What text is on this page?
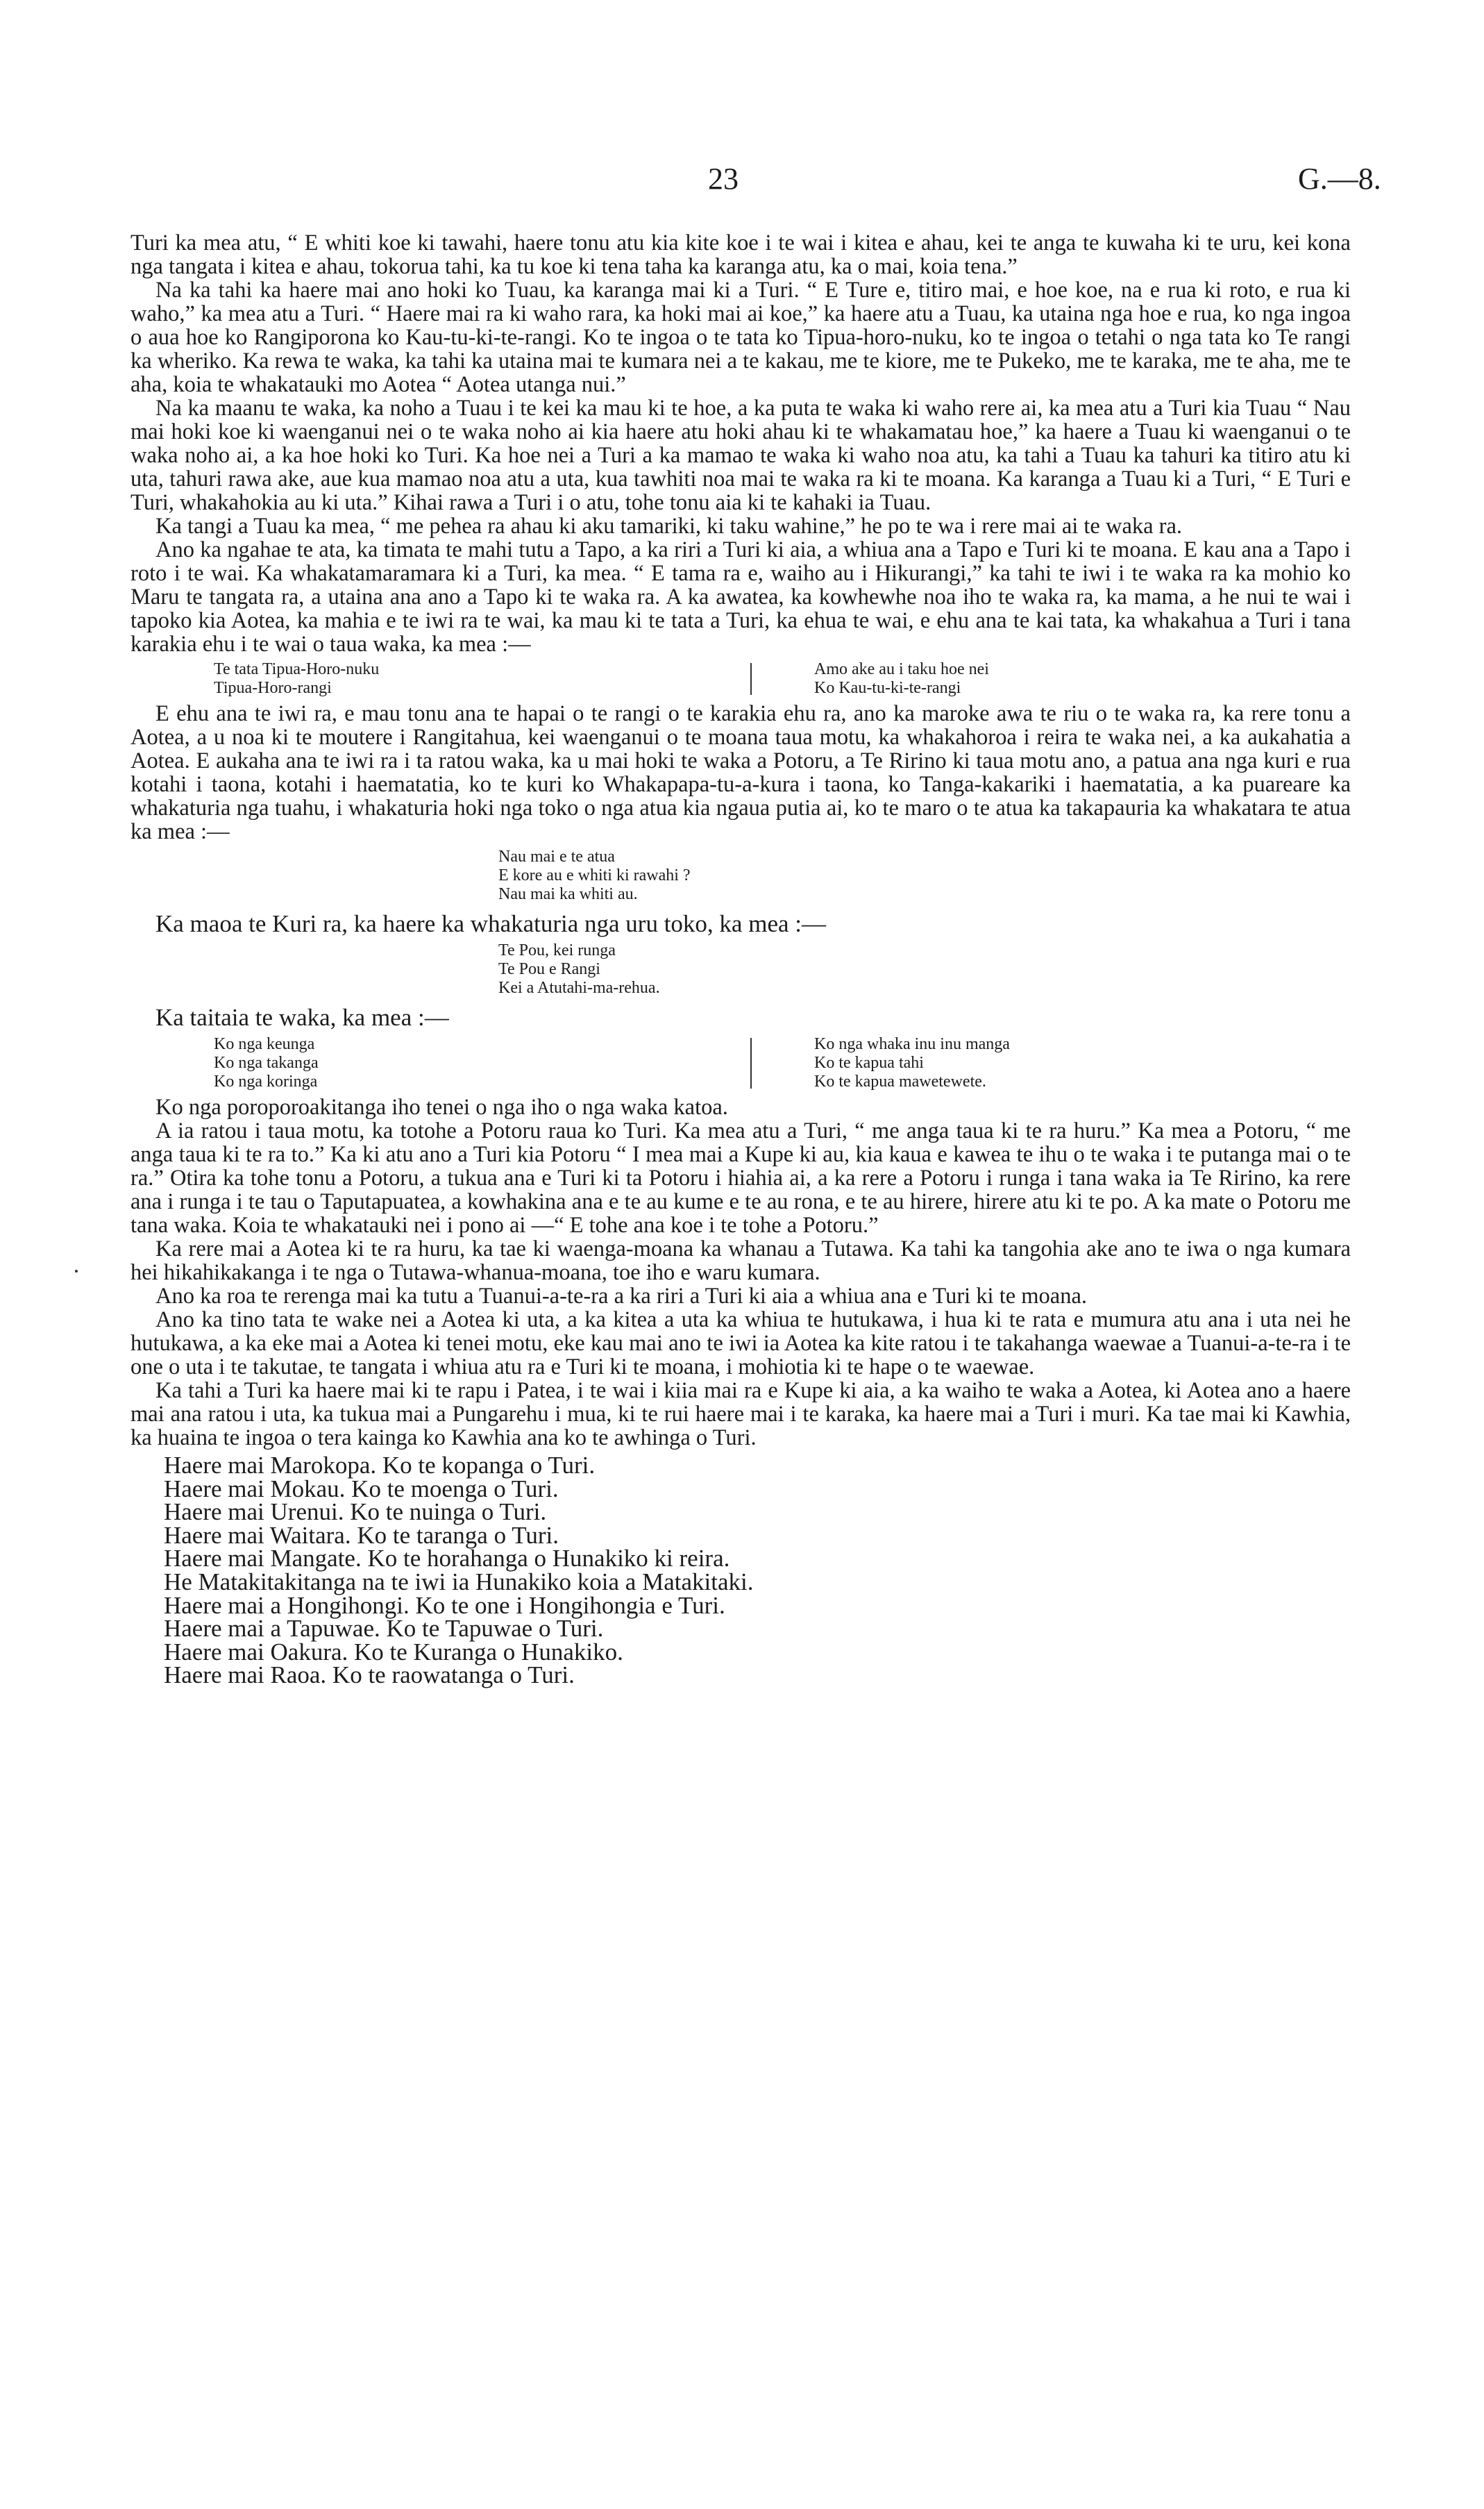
23	G.—8.

Turi ka mea atu, “ E whiti koe ki tawahi, haere tonu atu kia kite koe i te wai i kitea e ahau, kei te anga te kuwaha ki te uru, kei kona nga tangata i kitea e ahau, tokorua tahi, ka tu koe ki tena taha ka karanga atu, ka o mai, koia tena.”

Na ka tahi ka haere mai ano hoki ko Tuau, ka karanga mai ki a Turi. “ E Ture e, titiro mai, e hoe koe, na e rua ki roto, e rua ki waho,” ka mea atu a Turi. “ Haere mai ra ki waho rara, ka hoki mai ai koe,” ka haere atu a Tuau, ka utaina nga hoe e rua, ko nga ingoa o aua hoe ko Rangiporona ko Kau-tu-ki-te-rangi. Ko te ingoa o te tata ko Tipua-horo-nuku, ko te ingoa o tetahi o nga tata ko Te rangi ka wheriko. Ka rewa te waka, ka tahi ka utaina mai te kumara nei a te kakau, me te kiore, me te Pukeko, me te karaka, me te aha, me te aha, koia te whakatauki mo Aotea “ Aotea utanga nui.”

Na ka maanu te waka, ka noho a Tuau i te kei ka mau ki te hoe, a ka puta te waka ki waho rere ai, ka mea atu a Turi kia Tuau “ Nau mai hoki koe ki waenganui nei o te waka noho ai kia haere atu hoki ahau ki te whakamatau hoe,” ka haere a Tuau ki waenganui o te waka noho ai, a ka hoe hoki ko Turi. Ka hoe nei a Turi a ka mamao te waka ki waho noa atu, ka tahi a Tuau ka tahuri ka titiro atu ki uta, tahuri rawa ake, aue kua mamao noa atu a uta, kua tawhiti noa mai te waka ra ki te moana. Ka karanga a Tuau ki a Turi, “ E Turi e Turi, whakahokia au ki uta.” Kihai rawa a Turi i o atu, tohe tonu aia ki te kahaki ia Tuau.

Ka tangi a Tuau ka mea, “ me pehea ra ahau ki aku tamariki, ki taku wahine,” he po te wa i rere mai ai te waka ra.

Ano ka ngahae te ata, ka timata te mahi tutu a Tapo, a ka riri a Turi ki aia, a whiua ana a Tapo e Turi ki te moana. E kau ana a Tapo i roto i te wai. Ka whakatamaramara ki a Turi, ka mea. “ E tama ra e, waiho au i Hikurangi,” ka tahi te iwi i te waka ra ka mohio ko Maru te tangata ra, a utaina ana ano a Tapo ki te waka ra. A ka awatea, ka kowhewhe noa iho te waka ra, ka mama, a he nui te wai i tapoko kia Aotea, ka mahia e te iwi ra te wai, ka mau ki te tata a Turi, ka ehua te wai, e ehu ana te kai tata, ka whakahua a Turi i tana karakia ehu i te wai o taua waka, ka mea :—

Te tata Tipua-Horo-nuku
Tipua-Horo-rangi
Amo ake au i taku hoe nei
Ko Kau-tu-ki-te-rangi

E ehu ana te iwi ra, e mau tonu ana te hapai o te rangi o te karakia ehu ra, ano ka maroke awa te riu o te waka ra, ka rere tonu a Aotea, a u noa ki te moutere i Rangitahua, kei waenganui o te moana taua motu, ka whakahoroa i reira te waka nei, a ka aukahatia a Aotea. E aukaha ana te iwi ra i ta ratou waka, ka u mai hoki te waka a Potoru, a Te Ririno ki taua motu ano, a patua ana nga kuri e rua kotahi i taona, kotahi i haematatia, ko te kuri ko Whakapapa-tu-a-kura i taona, ko Tanga-kakariki i haematatia, a ka puareare ka whakaturia nga tuahu, i whakaturia hoki nga toko o nga atua kia ngaua putia ai, ko te maro o te atua ka takapauria ka whakatara te atua ka mea :—

Nau mai e te atua
E kore au e whiti ki rawahi ?
Nau mai ka whiti au.

Ka maoa te Kuri ra, ka haere ka whakaturia nga uru toko, ka mea :—

Te Pou, kei runga
Te Pou e Rangi
Kei a Atutahi-ma-rehua.

Ka taitaia te waka, ka mea :—

Ko nga keunga
Ko nga takanga
Ko nga koringa
Ko nga whaka inu inu manga
Ko te kapua tahi
Ko te kapua mawetewete.

Ko nga poroporoakitanga iho tenei o nga iho o nga waka katoa.

A ia ratou i taua motu, ka totohe a Potoru raua ko Turi. Ka mea atu a Turi, “ me anga taua ki te ra huru.” Ka mea a Potoru, “ me anga taua ki te ra to.” Ka ki atu ano a Turi kia Potoru “ I mea mai a Kupe ki au, kia kaua e kawea te ihu o te waka i te putanga mai o te ra.” Otira ka tohe tonu a Potoru, a tukua ana e Turi ki ta Potoru i hiahia ai, a ka rere a Potoru i runga i tana waka ia Te Ririno, ka rere ana i runga i te tau o Taputapuatea, a kowhakina ana e te au kume e te au rona, e te au hirere, hirere atu ki te po. A ka mate o Potoru me tana waka. Koia te whakatauki nei i pono ai —“ E tohe ana koe i te tohe a Potoru.”

Ka rere mai a Aotea ki te ra huru, ka tae ki waenga-moana ka whanau a Tutawa. Ka tahi ka tangohia ake ano te iwa o nga kumara hei hikahikakanga i te nga o Tutawa-whanua-moana, toe iho e waru kumara.

Ano ka roa te rerenga mai ka tutu a Tuanui-a-te-ra a ka riri a Turi ki aia a whiua ana e Turi ki te moana.

Ano ka tino tata te wake nei a Aotea ki uta, a ka kitea a uta ka whiua te hutukawa, i hua ki te rata e mumura atu ana i uta nei he hutukawa, a ka eke mai a Aotea ki tenei motu, eke kau mai ano te iwi ia Aotea ka kite ratou i te takahanga waewae a Tuanui-a-te-ra i te one o uta i te takutae, te tangata i whiua atu ra e Turi ki te moana, i mohiotia ki te hape o te waewae.

Ka tahi a Turi ka haere mai ki te rapu i Patea, i te wai i kiia mai ra e Kupe ki aia, a ka waiho te waka a Aotea, ki Aotea ano a haere mai ana ratou i uta, ka tukua mai a Pungarehu i mua, ki te rui haere mai i te karaka, ka haere mai a Turi i muri. Ka tae mai ki Kawhia, ka huaina te ingoa o tera kainga ko Kawhia ana ko te awhinga o Turi.

Haere mai Marokopa. Ko te kopanga o Turi.
Haere mai Mokau. Ko te moenga o Turi.
Haere mai Urenui. Ko te nuinga o Turi.
Haere mai Waitara. Ko te taranga o Turi.
Haere mai Mangate. Ko te horahanga o Hunakiko ki reira.
He Matakitakitanga na te iwi ia Hunakiko koia a Matakitaki.
Haere mai a Hongihongi. Ko te one i Hongihongia e Turi.
Haere mai a Tapuwae. Ko te Tapuwae o Turi.
Haere mai Oakura. Ko te Kuranga o Hunakiko.
Haere mai Raoa. Ko te raowatanga o Turi.
